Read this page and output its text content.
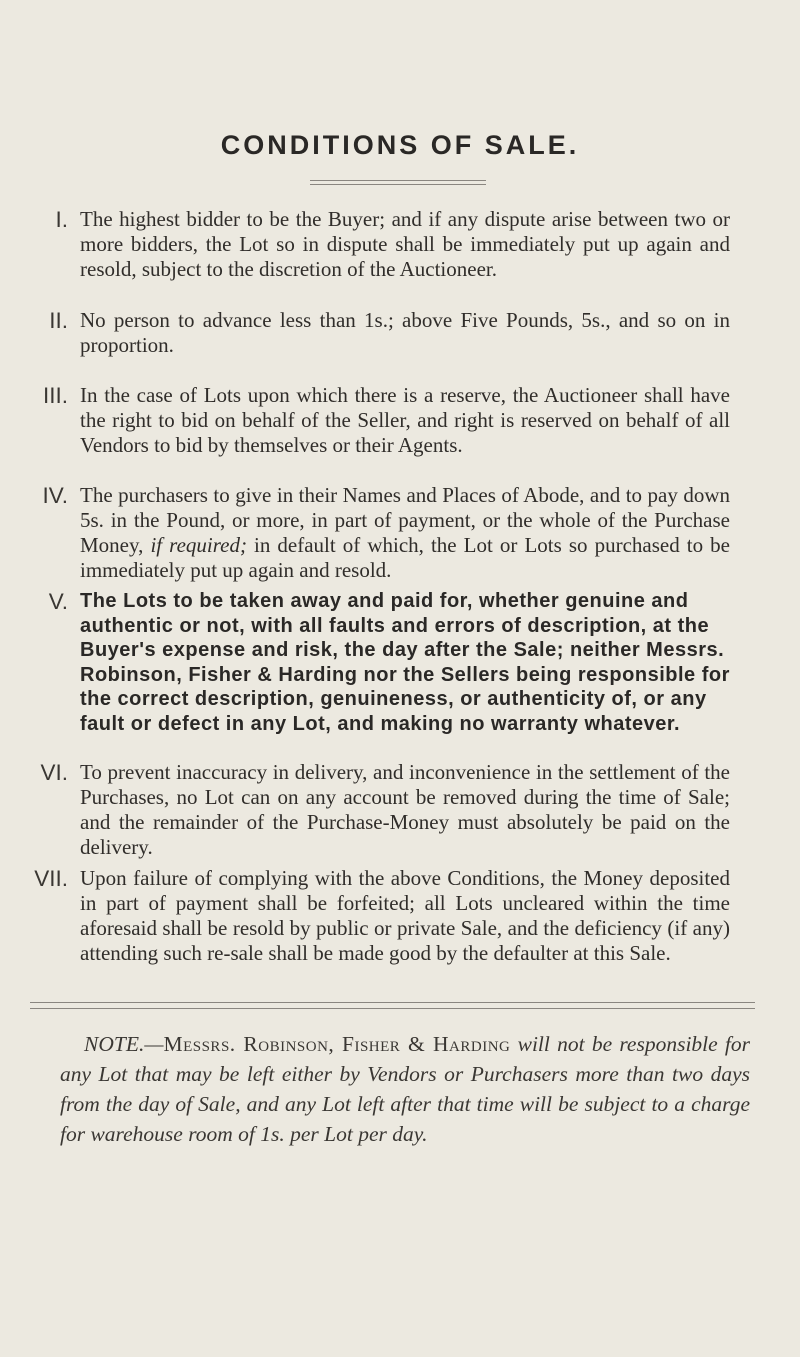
CONDITIONS OF SALE.
I. The highest bidder to be the Buyer; and if any dispute arise between two or more bidders, the Lot so in dispute shall be immediately put up again and resold, subject to the discretion of the Auctioneer.

II. No person to advance less than 1s.; above Five Pounds, 5s., and so on in proportion.

III. In the case of Lots upon which there is a reserve, the Auctioneer shall have the right to bid on behalf of the Seller, and right is reserved on behalf of all Vendors to bid by themselves or their Agents.

IV. The purchasers to give in their Names and Places of Abode, and to pay down 5s. in the Pound, or more, in part of payment, or the whole of the Purchase Money, if required; in default of which, the Lot or Lots so purchased to be immediately put up again and resold.

V. The Lots to be taken away and paid for, whether genuine and authentic or not, with all faults and errors of description, at the Buyer's expense and risk, the day after the Sale; neither Messrs. Robinson, Fisher & Harding nor the Sellers being responsible for the correct description, genuineness, or authenticity of, or any fault or defect in any Lot, and making no warranty whatever.

VI. To prevent inaccuracy in delivery, and inconvenience in the settlement of the Purchases, no Lot can on any account be removed during the time of Sale; and the remainder of the Purchase-Money must absolutely be paid on the delivery.

VII. Upon failure of complying with the above Conditions, the Money deposited in part of payment shall be forfeited; all Lots uncleared within the time aforesaid shall be resold by public or private Sale, and the deficiency (if any) attending such re-sale shall be made good by the defaulter at this Sale.

NOTE.—Messrs. Robinson, Fisher & Harding will not be responsible for any Lot that may be left either by Vendors or Purchasers more than two days from the day of Sale, and any Lot left after that time will be subject to a charge for warehouse room of 1s. per Lot per day.
